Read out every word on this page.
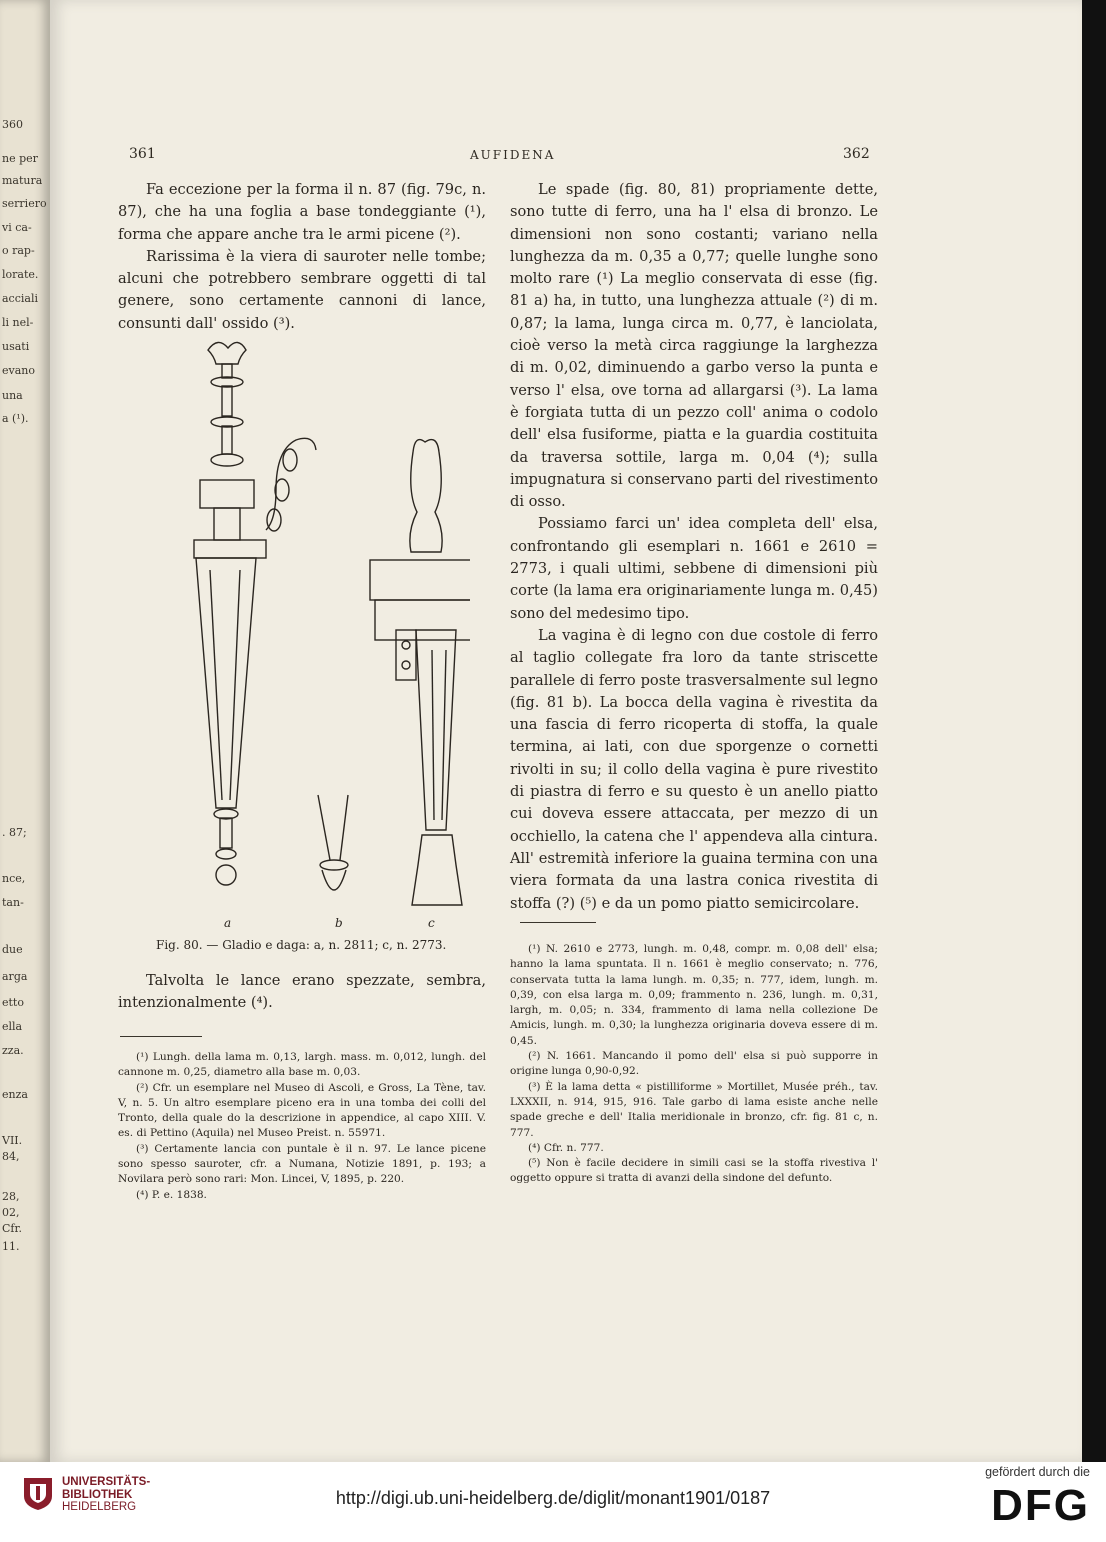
360
ne per
matura
serriero
vi ca-
o rap-
lorate.
acciali
li nel-
usati
evano
una
a (¹).
. 87;
nce,
tan-
due
arga
etto
ella
zza.
enza
VII.
84,
28,
02,
Cfr.
11.
361	AUFIDENA	362

Fa eccezione per la forma il n. 87 (fig. 79c, n. 87), che ha una foglia a base tondeggiante (¹), forma che appare anche tra le armi picene (²).

Rarissima è la viera di sauroter nelle tombe; alcuni che potrebbero sembrare oggetti di tal genere, sono certamente cannoni di lance, consunti dall' ossido (³).

a	b	c
Fig. 80. — Gladio e daga: a, n. 2811; c, n. 2773.

Talvolta le lance erano spezzate, sembra, intenzionalmente (⁴).

(¹) Lungh. della lama m. 0,13, largh. mass. m. 0,012, lungh. del cannone m. 0,25, diametro alla base m. 0,03.

(²) Cfr. un esemplare nel Museo di Ascoli, e Gross, La Tène, tav. V, n. 5. Un altro esemplare piceno era in una tomba dei colli del Tronto, della quale do la descrizione in appendice, al capo XIII. V. es. di Pettino (Aquila) nel Museo Preist. n. 55971.

(³) Certamente lancia con puntale è il n. 97. Le lance picene sono spesso sauroter, cfr. a Numana, Notizie 1891, p. 193; a Novilara però sono rari: Mon. Lincei, V, 1895, p. 220.

(⁴) P. e. 1838.

Le spade (fig. 80, 81) propriamente dette, sono tutte di ferro, una ha l' elsa di bronzo. Le dimensioni non sono costanti; variano nella lunghezza da m. 0,35 a 0,77; quelle lunghe sono molto rare (¹) La meglio conservata di esse (fig. 81 a) ha, in tutto, una lunghezza attuale (²) di m. 0,87; la lama, lunga circa m. 0,77, è lanciolata, cioè verso la metà circa raggiunge la larghezza di m. 0,02, diminuendo a garbo verso la punta e verso l' elsa, ove torna ad allargarsi (³). La lama è forgiata tutta di un pezzo coll' anima o codolo dell' elsa fusiforme, piatta e la guardia costituita da traversa sottile, larga m. 0,04 (⁴); sulla impugnatura si conservano parti del rivestimento di osso.

Possiamo farci un' idea completa dell' elsa, confrontando gli esemplari n. 1661 e 2610 = 2773, i quali ultimi, sebbene di dimensioni più corte (la lama era originariamente lunga m. 0,45) sono del medesimo tipo.

La vagina è di legno con due costole di ferro al taglio collegate fra loro da tante striscette parallele di ferro poste trasversalmente sul legno (fig. 81 b). La bocca della vagina è rivestita da una fascia di ferro ricoperta di stoffa, la quale termina, ai lati, con due sporgenze o cornetti rivolti in su; il collo della vagina è pure rivestito di piastra di ferro e su questo è un anello piatto cui doveva essere attaccata, per mezzo di un occhiello, la catena che l' appendeva alla cintura. All' estremità inferiore la guaina termina con una viera formata da una lastra conica rivestita di stoffa (?) (⁵) e da un pomo piatto semicircolare.

(¹) N. 2610 e 2773, lungh. m. 0,48, compr. m. 0,08 dell' elsa; hanno la lama spuntata. Il n. 1661 è meglio conservato; n. 776, conservata tutta la lama lungh. m. 0,35; n. 777, idem, lungh. m. 0,39, con elsa larga m. 0,09; frammento n. 236, lungh. m. 0,31, largh, m. 0,05; n. 334, frammento di lama nella collezione De Amicis, lungh. m. 0,30; la lunghezza originaria doveva essere di m. 0,45.

(²) N. 1661. Mancando il pomo dell' elsa si può supporre in origine lunga 0,90-0,92.

(³) È la lama detta « pistilliforme » Mortillet, Musée préh., tav. LXXXII, n. 914, 915, 916. Tale garbo di lama esiste anche nelle spade greche e dell' Italia meridionale in bronzo, cfr. fig. 81 c, n. 777.

(⁴) Cfr. n. 777.

(⁵) Non è facile decidere in simili casi se la stoffa rivestiva l' oggetto oppure si tratta di avanzi della sindone del defunto.

UNIVERSITÄTS-
BIBLIOTHEK
HEIDELBERG	http://digi.ub.uni-heidelberg.de/diglit/monant1901/0187
gefördert durch die
DFG
